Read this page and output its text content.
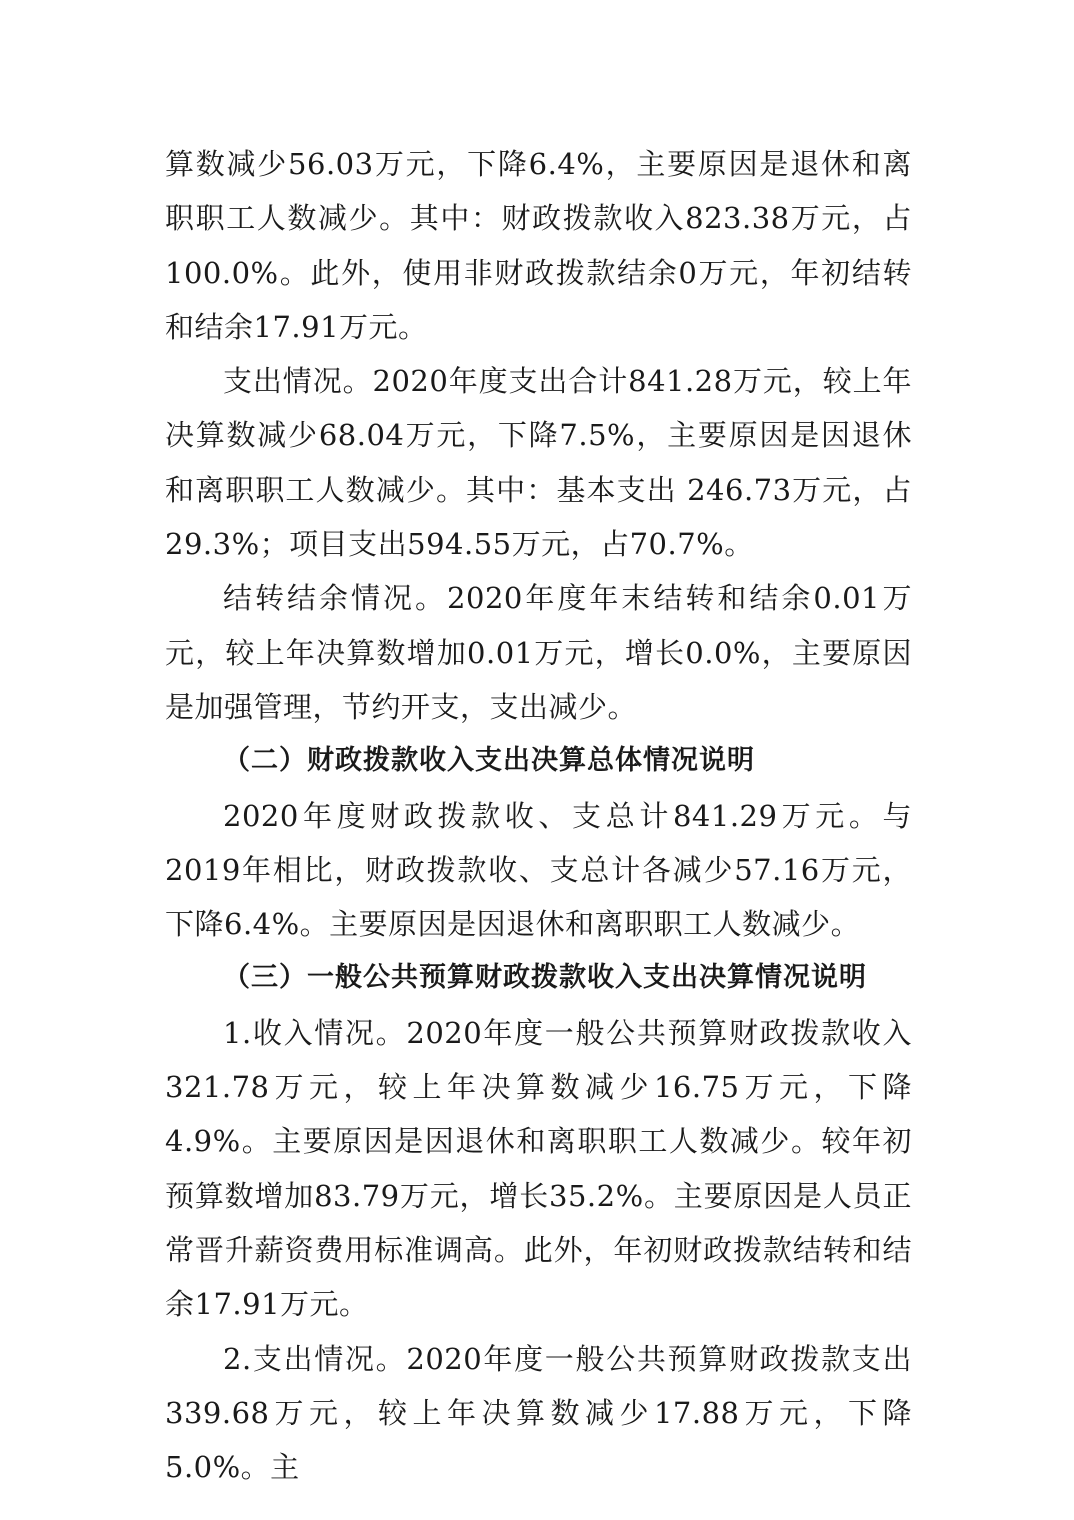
算数减少56.03万元，下降6.4%，主要原因是退休和离职职工人数减少。其中：财政拨款收入823.38万元，占100.0%。此外，使用非财政拨款结余0万元，年初结转和结余17.91万元。

支出情况。2020年度支出合计841.28万元，较上年决算数减少68.04万元，下降7.5%，主要原因是因退休和离职职工人数减少。其中：基本支出 246.73万元，占29.3%；项目支出594.55万元，占70.7%。

结转结余情况。2020年度年末结转和结余0.01万元，较上年决算数增加0.01万元，增长0.0%，主要原因是加强管理，节约开支，支出减少。

（二）财政拨款收入支出决算总体情况说明

2020年度财政拨款收、支总计841.29万元。与2019年相比，财政拨款收、支总计各减少57.16万元，下降6.4%。主要原因是因退休和离职职工人数减少。

（三）一般公共预算财政拨款收入支出决算情况说明

1.收入情况。2020年度一般公共预算财政拨款收入321.78万元，较上年决算数减少16.75万元，下降4.9%。主要原因是因退休和离职职工人数减少。较年初预算数增加83.79万元，增长35.2%。主要原因是人员正常晋升薪资费用标准调高。此外，年初财政拨款结转和结余17.91万元。

2.支出情况。2020年度一般公共预算财政拨款支出339.68万元，较上年决算数减少17.88万元，下降5.0%。主
